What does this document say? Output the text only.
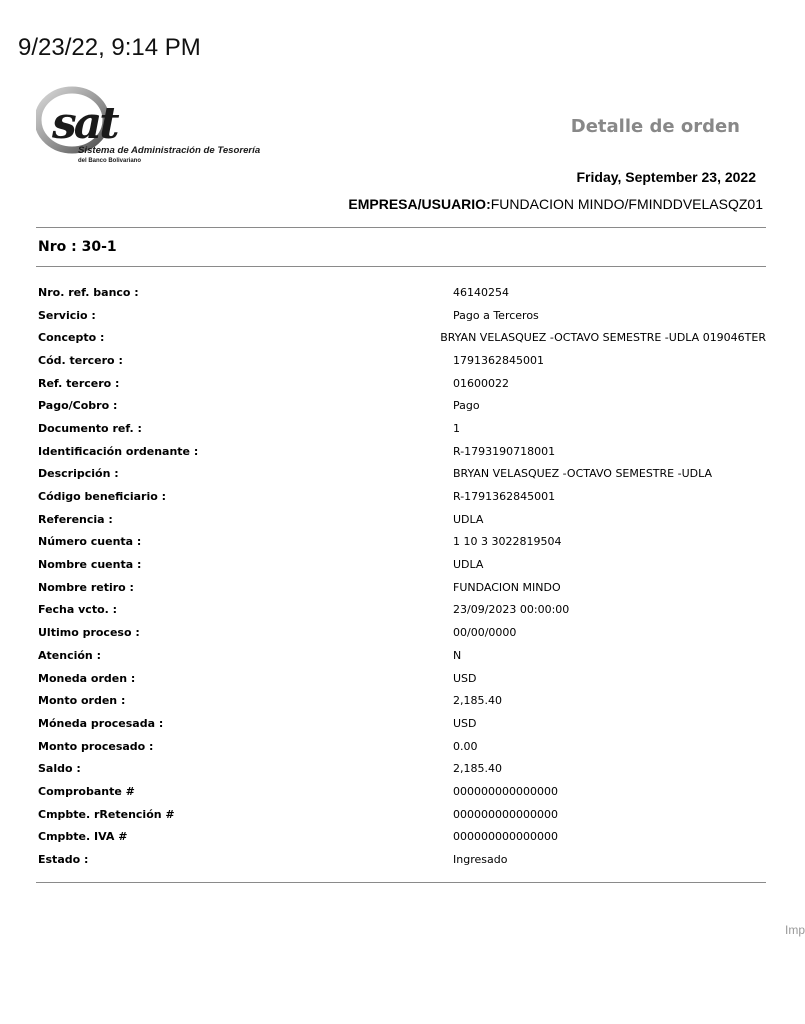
9/23/22, 9:14 PM
sat
Sistema de Administración de Tesorería
del Banco Bolivariano
Detalle de orden
Friday, September 23, 2022
EMPRESA/USUARIO:FUNDACION MINDO/FMINDDVELASQZ01
Nro : 30-1
Nro. ref. banco :	46140254
Servicio :	Pago a Terceros
Concepto :	BRYAN VELASQUEZ -OCTAVO SEMESTRE -UDLA 019046TER
Cód. tercero :	1791362845001
Ref. tercero :	01600022
Pago/Cobro :	Pago
Documento ref. :	1
Identificación ordenante :	R-1793190718001
Descripción :	BRYAN VELASQUEZ -OCTAVO SEMESTRE -UDLA
Código beneficiario :	R-1791362845001
Referencia :	UDLA
Número cuenta :	1 10 3 3022819504
Nombre cuenta :	UDLA
Nombre retiro :	FUNDACION MINDO
Fecha vcto. :	23/09/2023 00:00:00
Ultimo proceso :	00/00/0000
Atención :	N
Moneda orden :	USD
Monto orden :	2,185.40
Móneda procesada :	USD
Monto procesado :	0.00
Saldo :	2,185.40
Comprobante #	000000000000000
Cmpbte. rRetención #	000000000000000
Cmpbte. IVA #	000000000000000
Estado :	Ingresado
Imp
